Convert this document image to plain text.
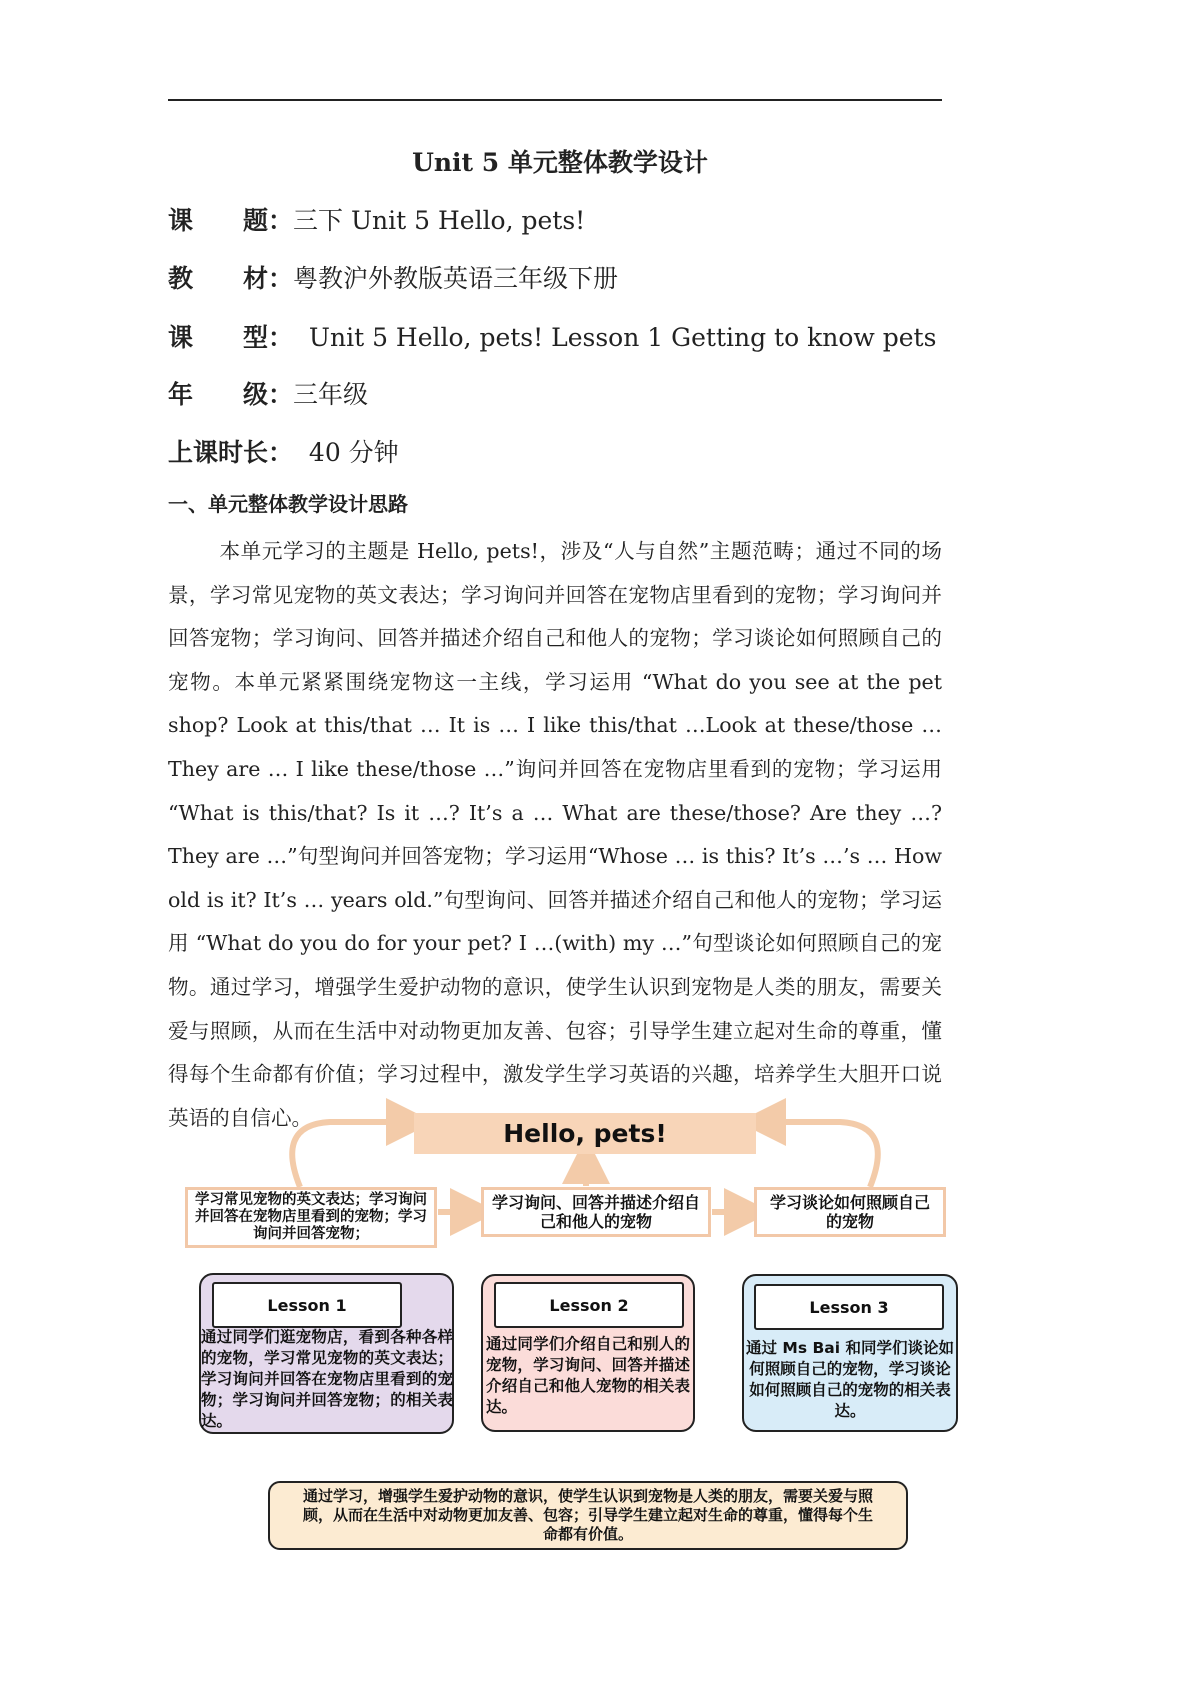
Unit 5 单元整体教学设计
课　　题：三下 Unit 5 Hello, pets!
教　　材：粤教沪外教版英语三年级下册
课　　型：  Unit 5 Hello, pets! Lesson 1 Getting to know pets
年　　级：三年级
上课时长：  40 分钟
一、单元整体教学设计思路
本单元学习的主题是 Hello, pets!，涉及“人与自然”主题范畴；通过不同的场景，学习常见宠物的英文表达；学习询问并回答在宠物店里看到的宠物；学习询问并回答宠物；学习询问、回答并描述介绍自己和他人的宠物；学习谈论如何照顾自己的宠物。本单元紧紧围绕宠物这一主线，学习运用 “What do you see at the pet shop? Look at this/that … It is … I like this/that …Look at these/those … They are … I like these/those …”询问并回答在宠物店里看到的宠物；学习运用 “What is this/that? Is it …? It’s a … What are these/those? Are they …? They are …”句型询问并回答宠物；学习运用“Whose … is this? It’s …’s … How old is it? It’s … years old.”句型询问、回答并描述介绍自己和他人的宠物；学习运用 “What do you do for your pet? I …(with) my …”句型谈论如何照顾自己的宠物。通过学习，增强学生爱护动物的意识，使学生认识到宠物是人类的朋友，需要关爱与照顾，从而在生活中对动物更加友善、包容；引导学生建立起对生命的尊重，懂得每个生命都有价值；学习过程中，激发学生学习英语的兴趣，培养学生大胆开口说英语的自信心。
Hello, pets!
学习常见宠物的英文表达；学习询问并回答在宠物店里看到的宠物；学习询问并回答宠物；
学习询问、回答并描述介绍自己和他人的宠物
学习谈论如何照顾自己的宠物
Lesson 1
通过同学们逛宠物店，看到各种各样的宠物，学习常见宠物的英文表达；学习询问并回答在宠物店里看到的宠物；学习询问并回答宠物；的相关表达。
Lesson 2
通过同学们介绍自己和别人的宠物，学习询问、回答并描述介绍自己和他人宠物的相关表达。
Lesson 3
通过 Ms Bai 和同学们谈论如何照顾自己的宠物，学习谈论如何照顾自己的宠物的相关表达。
通过学习，增强学生爱护动物的意识，使学生认识到宠物是人类的朋友，需要关爱与照顾，从而在生活中对动物更加友善、包容；引导学生建立起对生命的尊重，懂得每个生命都有价值。
